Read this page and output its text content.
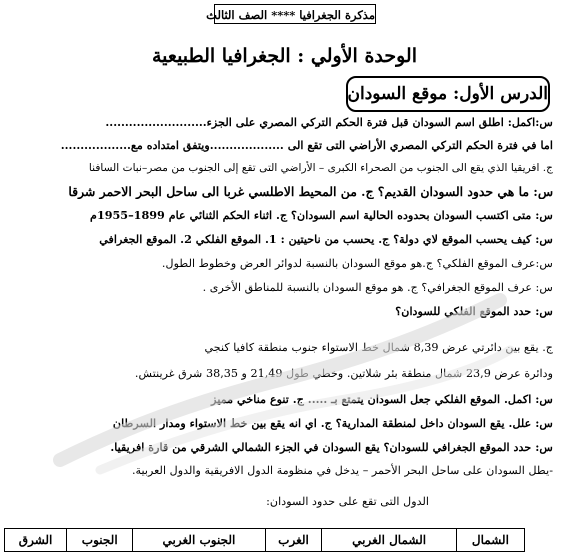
مذكرة الجغرافيا **** الصف الثالث
الوحدة الأولي : الجغرافيا الطبيعية
الدرس الأول: موقع السودان
س:اكمل: اطلق اسم السودان قبل فترة الحكم التركي المصري على الجزء..........................
اما في فترة الحكم التركي المصري الأراضي التى تقع الى ...................ويتفق امتداده مع..................
ج. افريقيا الذي يقع الى الجنوب من الصحراء الكبرى – الأراضي التى تقع إلى الجنوب من مصر–نبات السافنا
س: ما هي حدود السودان القديم؟ ج. من المحيط الاطلسي غربا الى ساحل البحر الاحمر شرقا
س: متى اكتسب السودان بحدوده الحالية اسم السودان؟ ج. اثناء الحكم الثنائي عام 1899–1955م
س: كيف يحسب الموقع لاي دولة؟ ج. يحسب من ناحيتين : 1. الموقع الفلكي 2. الموقع الجغرافي
س:عرف الموقع الفلكي؟ ج.هو موقع السودان بالنسبة لدوائر العرض وخطوط الطول.
س: عرف الموقع الجغرافي؟ ج. هو موقع السودان بالنسبة للمناطق الأخرى .
س: حدد الموقع الفلكي للسودان؟
ج. يقع بين دائرتي عرض 8,39 شمال خط الاستواء جنوب منطقة كافيا كنجي
ودائرة عرض 23,9 شمال منطقة بئر شلاتين. وخطي طول 21,49 و 38,35 شرق غرينتش.
س: اكمل. الموقع الفلكي جعل السودان يتمتع بـ ..... ج. تنوع مناخي مميز
س: علل. يقع السودان داخل لمنطقة المدارية؟ ج. اي انه يقع بين خط الاستواء ومدار السرطان
س: حدد الموقع الجغرافي للسودان؟ يقع السودان في الجزء الشمالي الشرقي من قارة افريقيا.
-يطل السودان على ساحل البحر الأحمر – يدخل في منظومة الدول الافريقية والدول العربية.
الدول التى تقع على حدود السودان:
الشمال	الشمال الغربي	الغرب	الجنوب الغربي	الجنوب	الشرق
